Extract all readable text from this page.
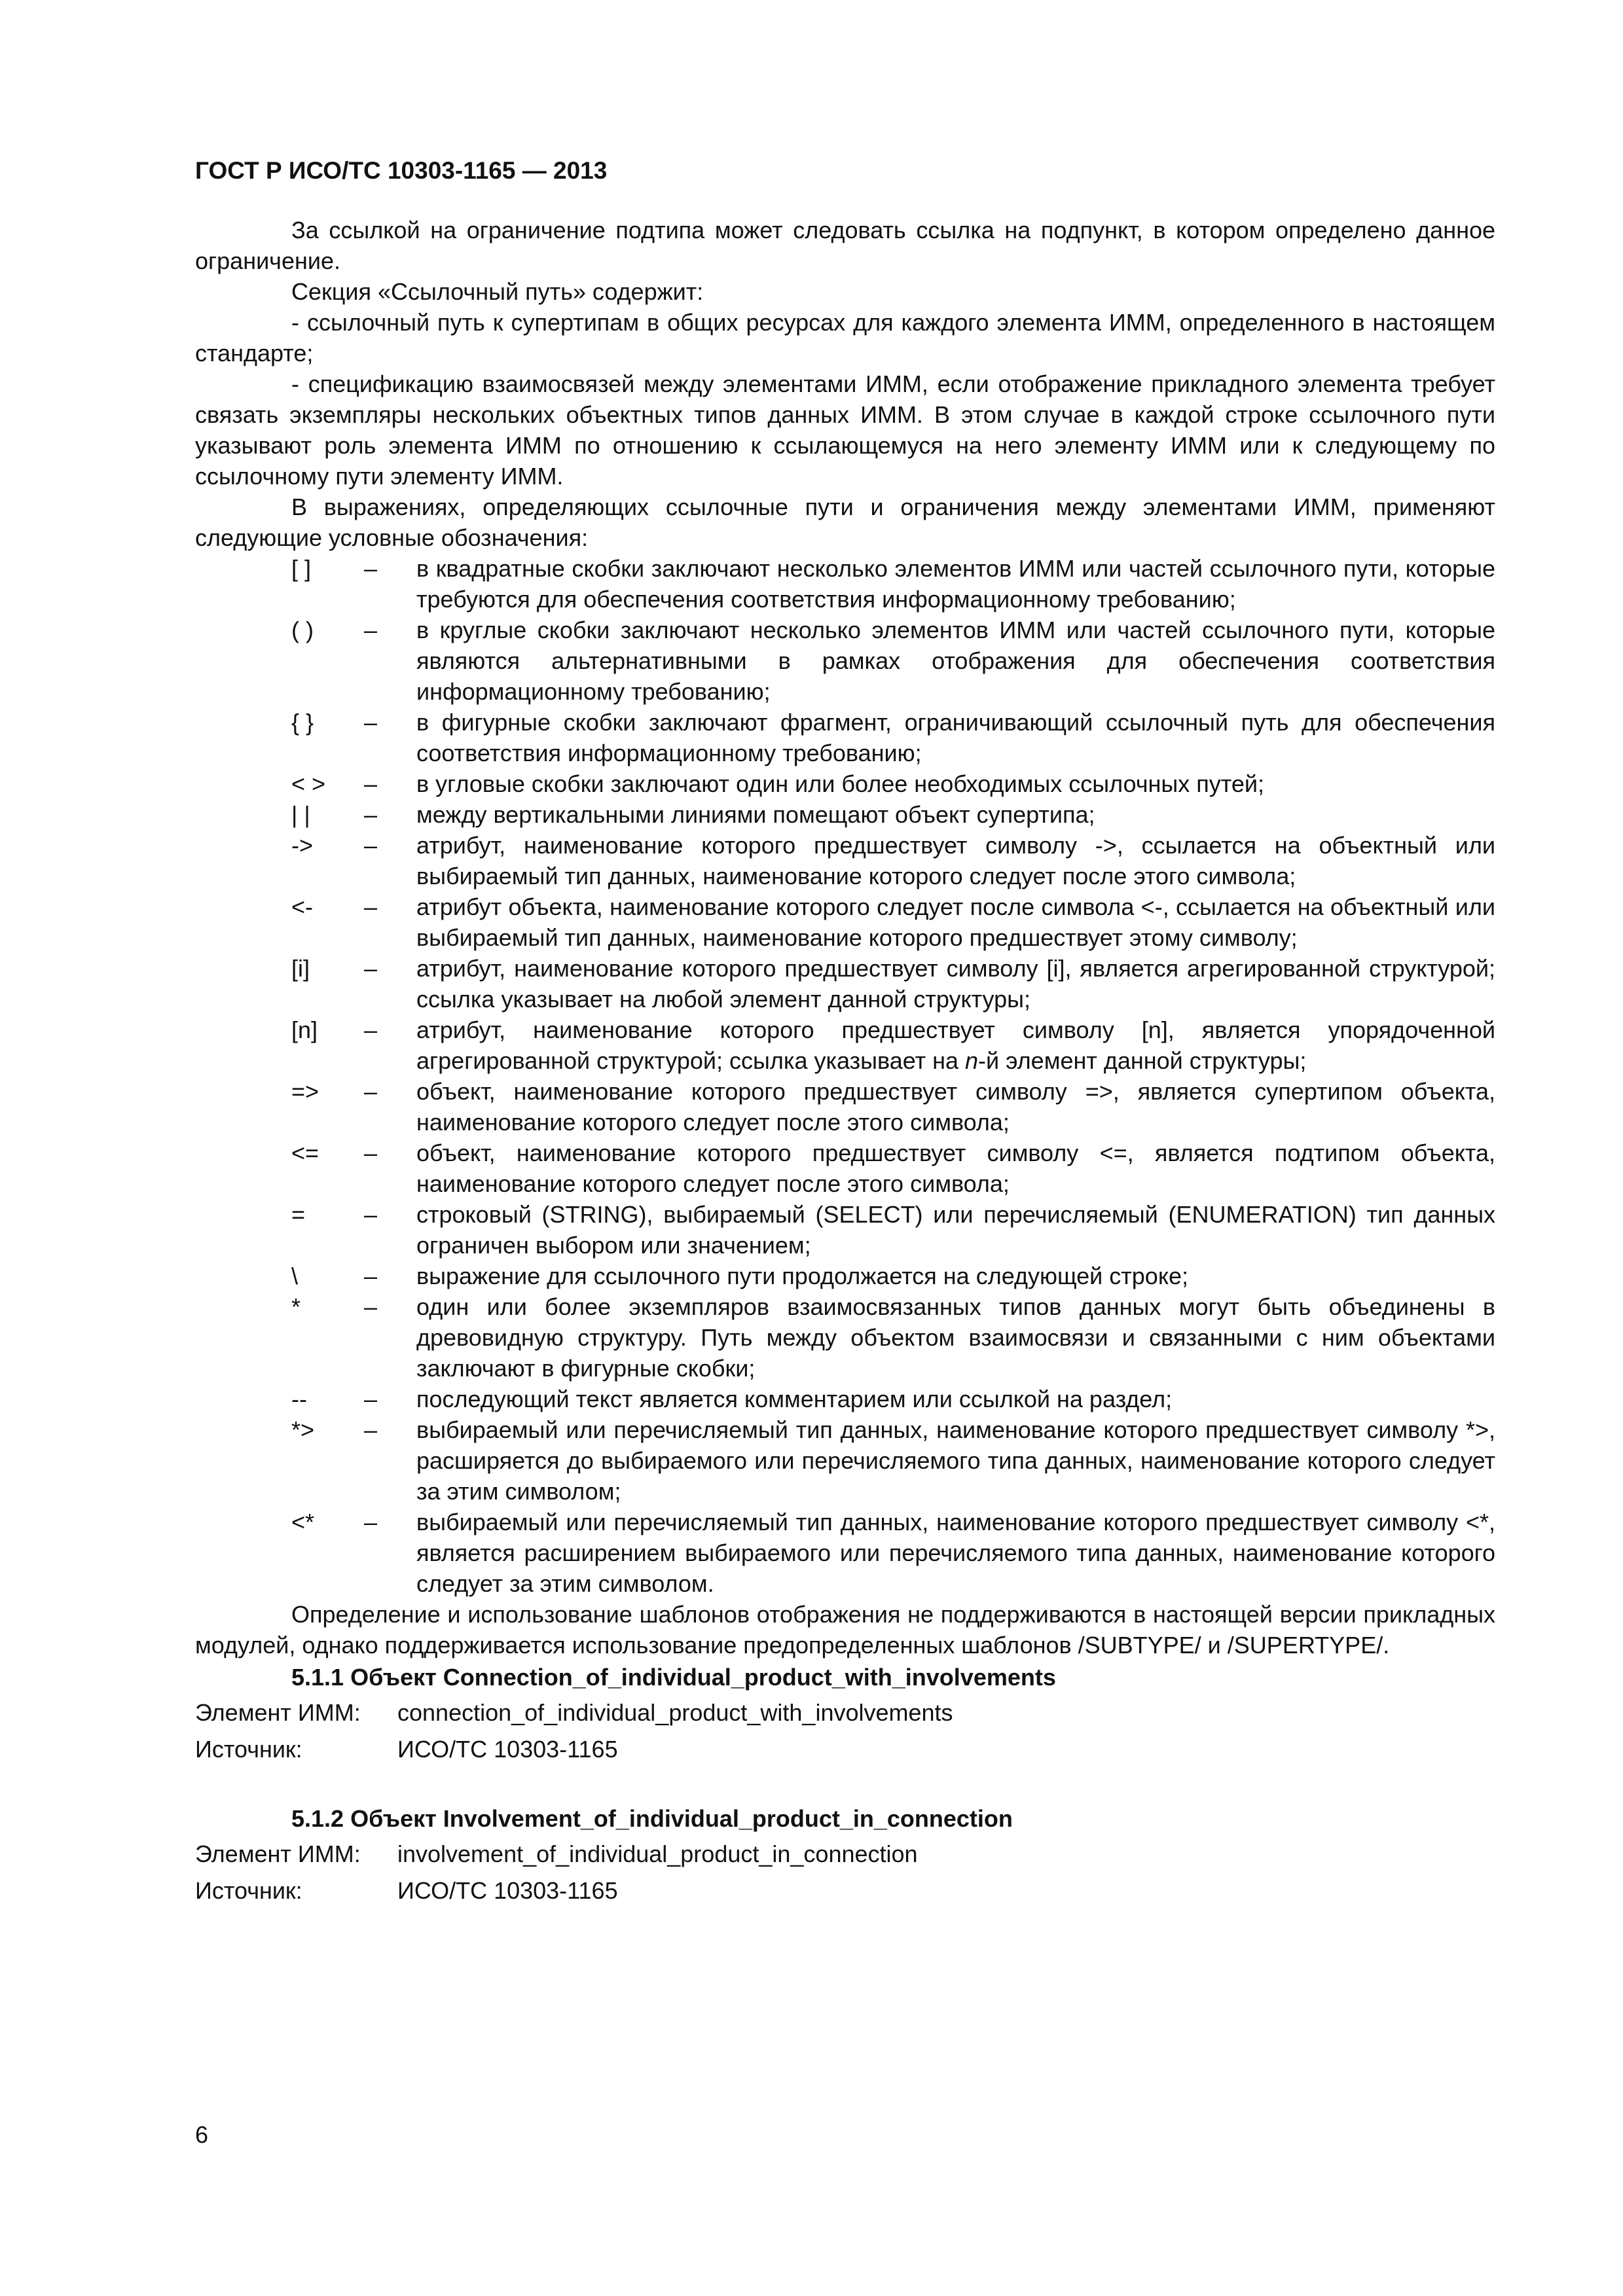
ГОСТ Р ИСО/ТС 10303-1165 — 2013

За ссылкой на ограничение подтипа может следовать ссылка на подпункт, в котором определено данное ограничение.

Секция «Ссылочный путь» содержит:

- ссылочный путь к супертипам в общих ресурсах для каждого элемента ИММ, определенного в настоящем стандарте;

- спецификацию взаимосвязей между элементами ИММ, если отображение прикладного элемента требует связать экземпляры нескольких объектных типов данных ИММ. В этом случае в каждой строке ссылочного пути указывают роль элемента ИММ по отношению к ссылающемуся на него элементу ИММ или к следующему по ссылочному пути элементу ИММ.

В выражениях, определяющих ссылочные пути и ограничения между элементами ИММ, применяют следующие условные обозначения:

[ ] – в квадратные скобки заключают несколько элементов ИММ или частей ссылочного пути, которые требуются для обеспечения соответствия информационному требованию;
( ) – в круглые скобки заключают несколько элементов ИММ или частей ссылочного пути, которые являются альтернативными в рамках отображения для обеспечения соответствия информационному требованию;
{ } – в фигурные скобки заключают фрагмент, ограничивающий ссылочный путь для обеспечения соответствия информационному требованию;
< > – в угловые скобки заключают один или более необходимых ссылочных путей;
| | – между вертикальными линиями помещают объект супертипа;
-> – атрибут, наименование которого предшествует символу ->, ссылается на объектный или выбираемый тип данных, наименование которого следует после этого символа;
<- – атрибут объекта, наименование которого следует после символа <-, ссылается на объектный или выбираемый тип данных, наименование которого предшествует этому символу;
[i] – атрибут, наименование которого предшествует символу [i], является агрегированной структурой; ссылка указывает на любой элемент данной структуры;
[n] – атрибут, наименование которого предшествует символу [n], является упорядоченной агрегированной структурой; ссылка указывает на n-й элемент данной структуры;
=> – объект, наименование которого предшествует символу =>, является супертипом объекта, наименование которого следует после этого символа;
<= – объект, наименование которого предшествует символу <=, является подтипом объекта, наименование которого следует после этого символа;
= – строковый (STRING), выбираемый (SELECT) или перечисляемый (ENUMERATION) тип данных ограничен выбором или значением;
\	– выражение для ссылочного пути продолжается на следующей строке;
*	– один или более экземпляров взаимосвязанных типов данных могут быть объединены в древовидную структуру. Путь между объектом взаимосвязи и связанными с ним объектами заключают в фигурные скобки;
-- – последующий текст является комментарием или ссылкой на раздел;
*> – выбираемый или перечисляемый тип данных, наименование которого предшествует символу *>, расширяется до выбираемого или перечисляемого типа данных, наименование которого следует за этим символом;
<* – выбираемый или перечисляемый тип данных, наименование которого предшествует символу <*, является расширением выбираемого или перечисляемого типа данных, наименование которого следует за этим символом.

Определение и использование шаблонов отображения не поддерживаются в настоящей версии прикладных модулей, однако поддерживается использование предопределенных шаблонов /SUBTYPE/ и /SUPERTYPE/.

5.1.1 Объект Connection_of_individual_product_with_involvements
Элемент ИММ:	connection_of_individual_product_with_involvements
Источник:	ИСО/ТС 10303-1165
5.1.2 Объект Involvement_of_individual_product_in_connection
Элемент ИММ:	involvement_of_individual_product_in_connection
Источник:	ИСО/ТС 10303-1165
6
